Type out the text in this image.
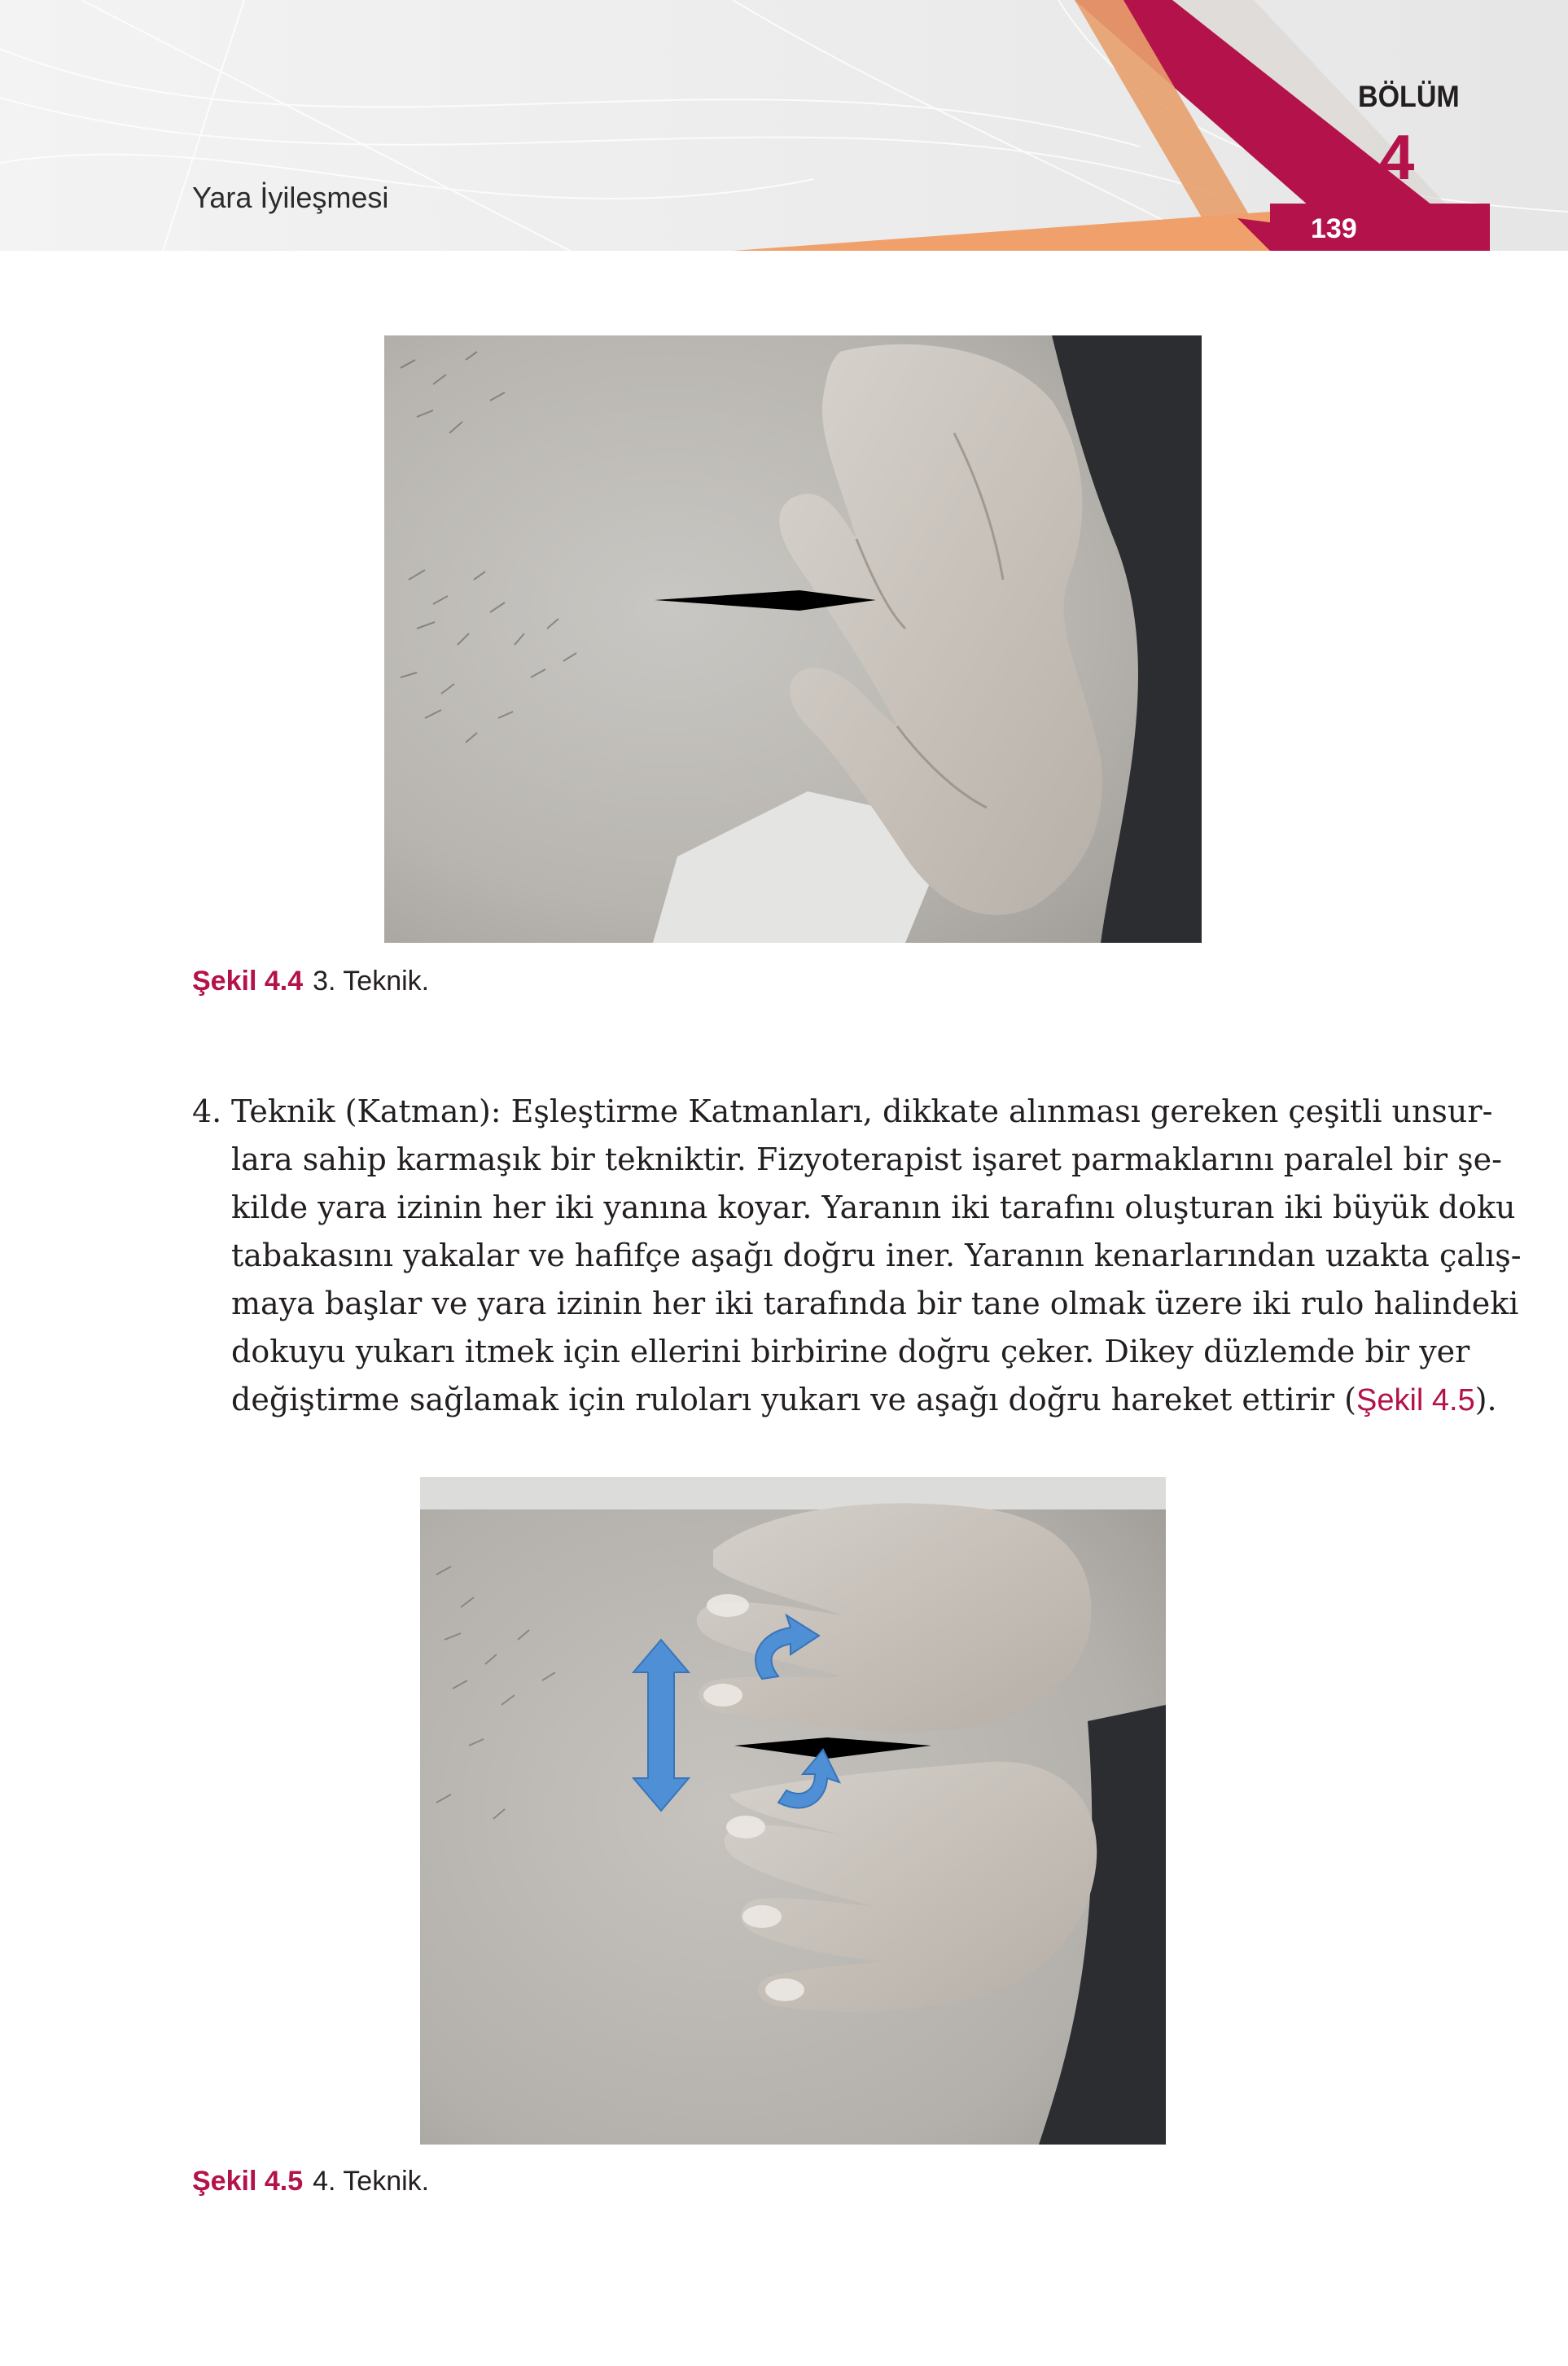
Yara İyileşmesi
BÖLÜM
4
139
Şekil 4.4 3. Teknik.
4. Teknik (Katman): Eşleştirme Katmanları, dikkate alınması gereken çeşitli unsur-
lara sahip karmaşık bir tekniktir. Fizyoterapist işaret parmaklarını paralel bir şe-
kilde yara izinin her iki yanına koyar. Yaranın iki tarafını oluşturan iki büyük doku
tabakasını yakalar ve hafifçe aşağı doğru iner. Yaranın kenarlarından uzakta çalış-
maya başlar ve yara izinin her iki tarafında bir tane olmak üzere iki rulo halindeki
dokuyu yukarı itmek için ellerini birbirine doğru çeker. Dikey düzlemde bir yer
değiştirme sağlamak için ruloları yukarı ve aşağı doğru hareket ettirir (Şekil 4.5).
Şekil 4.5 4. Teknik.
